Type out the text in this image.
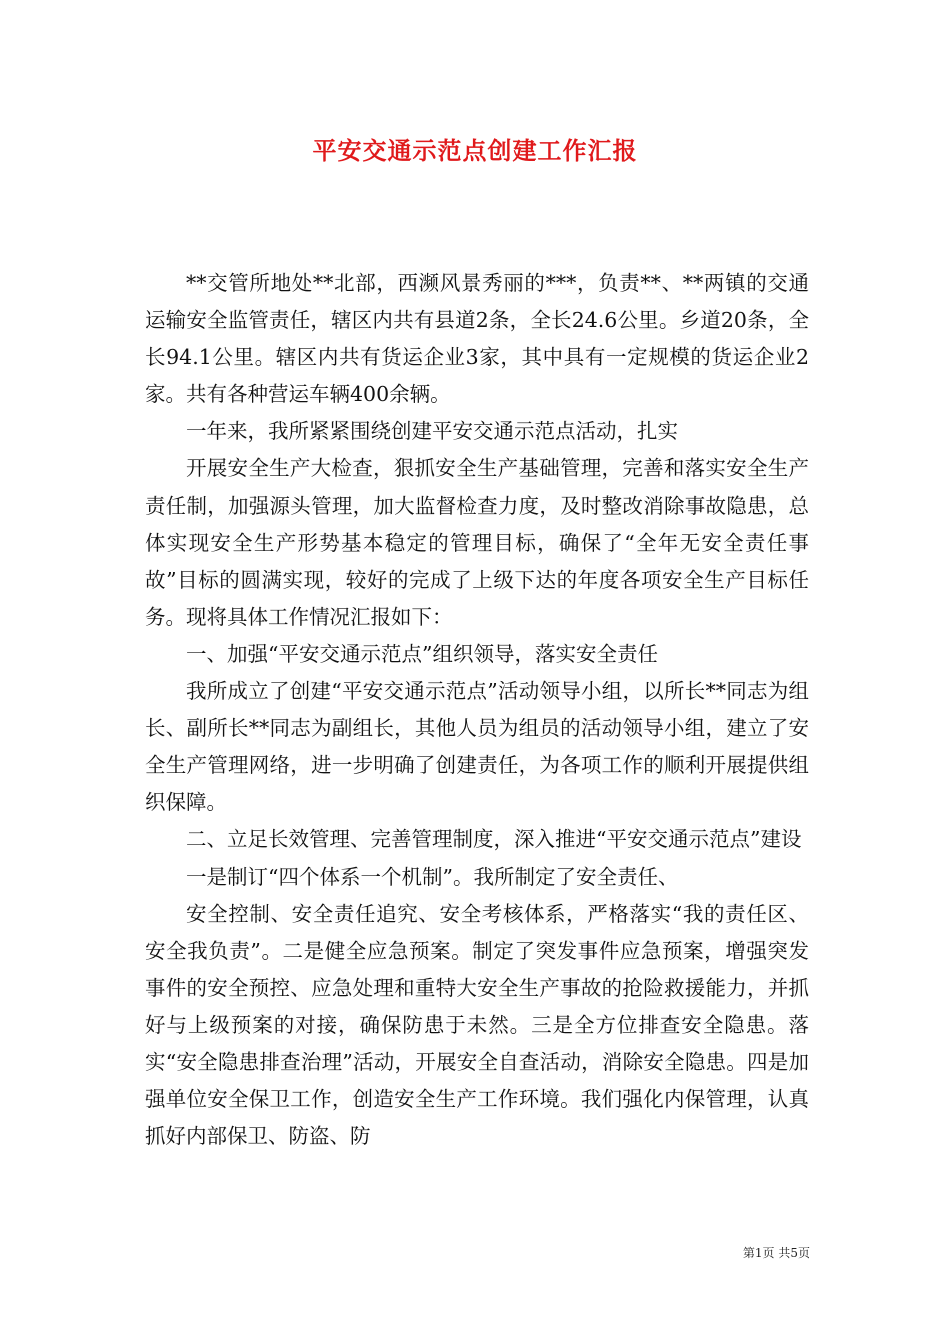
平安交通示范点创建工作汇报

**交管所地处**北部，西濒风景秀丽的***，负责**、**两镇的交通运输安全监管责任，辖区内共有县道2条，全长24.6公里。乡道20条，全长94.1公里。辖区内共有货运企业3家，其中具有一定规模的货运企业2家。共有各种营运车辆400余辆。

一年来，我所紧紧围绕创建平安交通示范点活动，扎实

开展安全生产大检查，狠抓安全生产基础管理，完善和落实安全生产责任制，加强源头管理，加大监督检查力度，及时整改消除事故隐患，总体实现安全生产形势基本稳定的管理目标，确保了“全年无安全责任事故”目标的圆满实现，较好的完成了上级下达的年度各项安全生产目标任务。现将具体工作情况汇报如下：

一、加强“平安交通示范点”组织领导，落实安全责任

我所成立了创建“平安交通示范点”活动领导小组，以所长**同志为组长、副所长**同志为副组长，其他人员为组员的活动领导小组，建立了安全生产管理网络，进一步明确了创建责任，为各项工作的顺利开展提供组织保障。

二、立足长效管理、完善管理制度，深入推进“平安交通示范点”建设

一是制订“四个体系一个机制”。我所制定了安全责任、

安全控制、安全责任追究、安全考核体系，严格落实“我的责任区、安全我负责”。二是健全应急预案。制定了突发事件应急预案，增强突发事件的安全预控、应急处理和重特大安全生产事故的抢险救援能力，并抓好与上级预案的对接，确保防患于未然。三是全方位排查安全隐患。落实“安全隐患排查治理”活动，开展安全自查活动，消除安全隐患。四是加强单位安全保卫工作，创造安全生产工作环境。我们强化内保管理，认真抓好内部保卫、防盗、防

第1页 共5页
